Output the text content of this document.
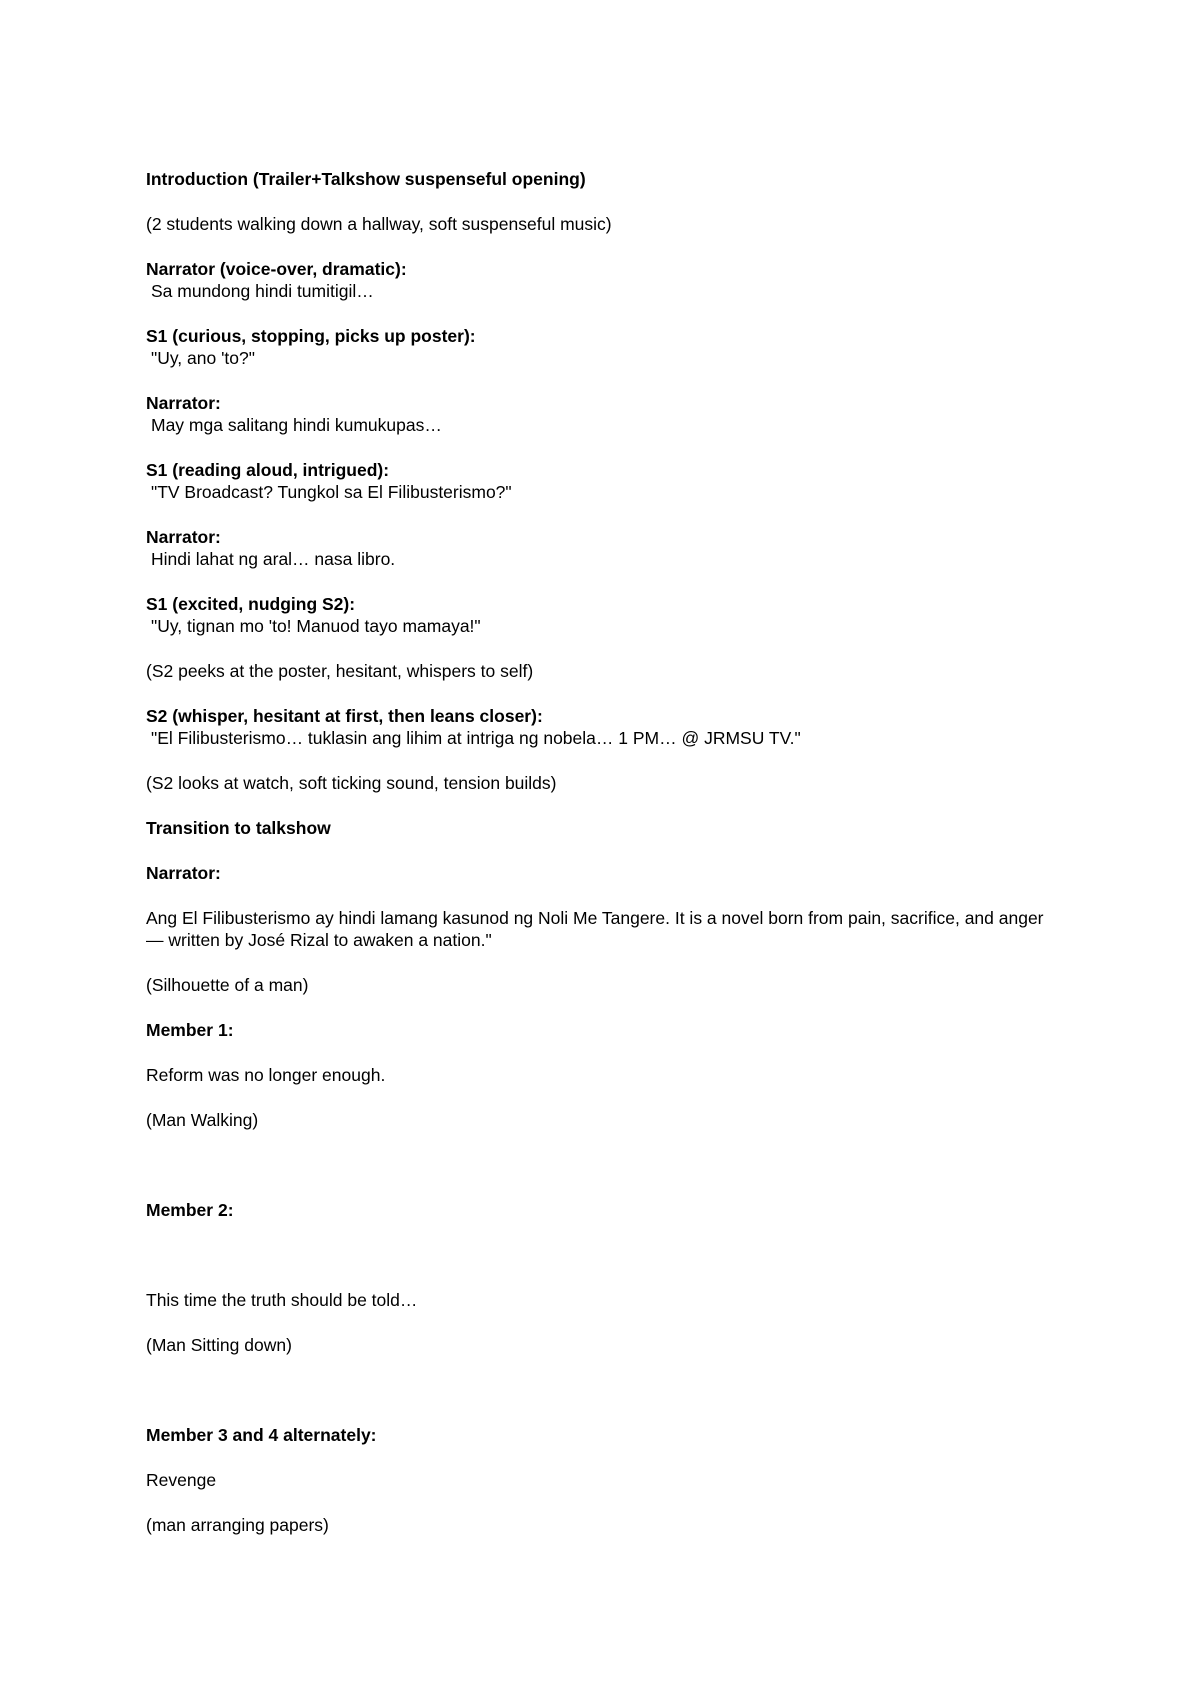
Introduction (Trailer+Talkshow suspenseful opening)

(2 students walking down a hallway, soft suspenseful music)

Narrator (voice-over, dramatic):

Sa mundong hindi tumitigil…

S1 (curious, stopping, picks up poster):

"Uy, ano 'to?"

Narrator:

May mga salitang hindi kumukupas…

S1 (reading aloud, intrigued):

"TV Broadcast? Tungkol sa El Filibusterismo?"

Narrator:

Hindi lahat ng aral… nasa libro.

S1 (excited, nudging S2):

"Uy, tignan mo 'to! Manuod tayo mamaya!"

(S2 peeks at the poster, hesitant, whispers to self)

S2 (whisper, hesitant at first, then leans closer):

"El Filibusterismo… tuklasin ang lihim at intriga ng nobela… 1 PM… @ JRMSU TV."

(S2 looks at watch, soft ticking sound, tension builds)

Transition to talkshow

Narrator:

Ang El Filibusterismo ay hindi lamang kasunod ng Noli Me Tangere. It is a novel born from pain, sacrifice, and anger — written by José Rizal to awaken a nation."

(Silhouette of a man)

Member 1:

Reform was no longer enough.

(Man Walking)

Member 2:

This time the truth should be told…

(Man Sitting down)

Member 3 and 4 alternately:

Revenge

(man arranging papers)
